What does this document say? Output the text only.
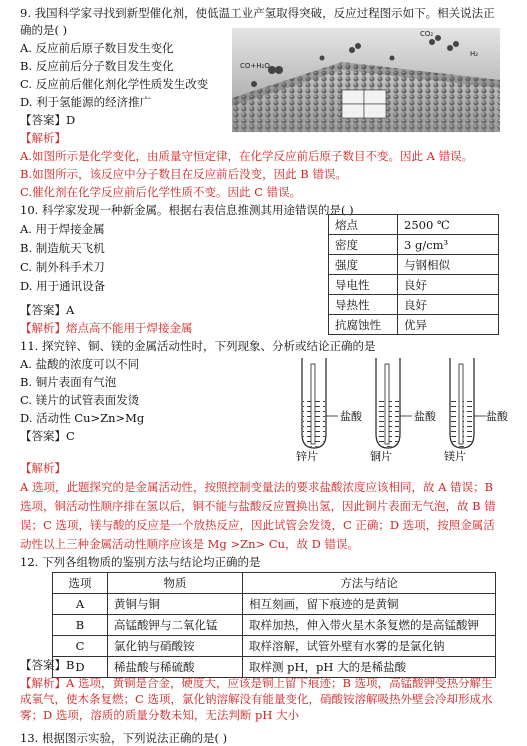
9. 我国科学家寻找到新型催化剂，使低温工业产氢取得突破，反应过程图示如下。相关说法正
确的是( )
A. 反应前后原子数目发生变化
B. 反应前后分子数目发生变化
C. 反应前后催化剂化学性质发生改变
D. 利于氢能源的经济推广
CO+H₂O
CO₂
H₂
【答案】D
【解析】
A.如图所示是化学变化，由质量守恒定律，在化学反应前后原子数目不变。因此 A 错误。
B.如图所示，该反应中分子数目在反应前后没变，因此 B 错误。
C.催化剂在化学反应前后化学性质不变。因此 C 错误。
10. 科学家发现一种新金属。根据右表信息推测其用途错误的是( )
A. 用于焊接金属
B. 制造航天飞机
C. 制外科手术刀
D. 用于通讯设备
熔点	2500 ℃
密度	3 g/cm³
强度	与钢相似
导电性	良好
导热性	良好
抗腐蚀性	优异
【答案】A
【解析】熔点高不能用于焊接金属
11. 探究锌、铜、镁的金属活动性时，下列现象、分析或结论正确的是
A. 盐酸的浓度可以不同
B. 铜片表面有气泡
C. 镁片的试管表面发烫
D. 活动性 Cu>Zn>Mg
【答案】C
盐酸
锌片
盐酸
铜片
盐酸
镁片
【解析】
A 选项，此题探究的是金属活动性，按照控制变量法的要求盐酸浓度应该相同，故 A 错误；B
选项，铜活动性顺序排在氢以后，铜不能与盐酸反应置换出氢，因此铜片表面无气泡，故 B 错
误；C 选项，镁与酸的反应是一个放热反应，因此试管会发烫，C 正确；D 选项，按照金属活
动性以上三种金属活动性顺序应该是 Mg >Zn> Cu，故 D 错误。
12. 下列各组物质的鉴别方法与结论均正确的是
选项	物质	方法与结论
A	黄铜与铜	相互刻画，留下痕迹的是黄铜
B	高锰酸钾与二氧化锰	取样加热，伸入带火星木条复燃的是高锰酸钾
C	氯化钠与硝酸铵	取样溶解，试管外壁有水雾的是氯化钠
D	稀盐酸与稀硫酸	取样测 pH，pH 大的是稀盐酸
【答案】B
【解析】A 选项，黄铜是合金，硬度大，应该是铜上留下痕迹；B 选项，高锰酸钾受热分解生
成氧气，使木条复燃；C 选项，氯化钠溶解没有能量变化，硝酸铵溶解吸热外壁会冷却形成水
雾；D 选项，溶质的质量分数未知，无法判断 pH 大小
13. 根据图示实验，下列说法正确的是( )
